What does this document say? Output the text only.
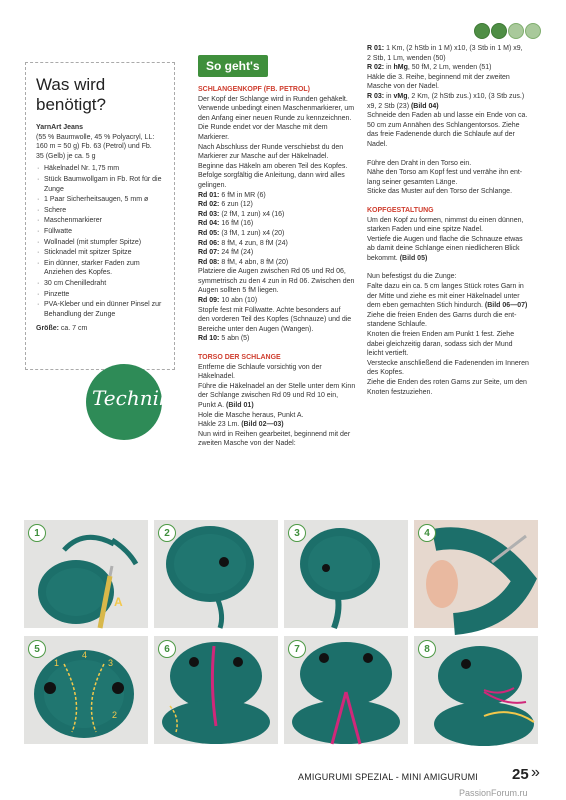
Was wird
benötigt?
YarnArt Jeans
(55 % Baumwolle, 45 % Polyacryl, LL:
160 m = 50 g) Fb. 63 (Petrol) und Fb.
35 (Gelb) je ca. 5 g
· Häkelnadel Nr. 1,75 mm
· Stück Baumwollgarn in Fb. Rot für die Zunge
· 1 Paar Sicherheitsaugen, 5 mm ø
· Schere
· Maschenmarkierer
· Füllwatte
· Wollnadel (mit stumpfer Spitze)
· Sticknadel mit spitzer Spitze
· Ein dünner, starker Faden zum Anziehen des Kopfes.
· 30 cm Chenilledraht
· Pinzette
· PVA-Kleber und ein dünner Pinsel zur Behandlung der Zunge
Größe: ca. 7 cm
Technik
So geht's
SCHLANGENKOPF (FB. PETROL)
Der Kopf der Schlange wird in Runden gehäkelt.
Verwende unbedingt einen Maschenmarkierer, um
den Anfang einer neuen Runde zu kennzeichnen.
Die Runde endet vor der Masche mit dem Markierer.
Nach Abschluss der Runde verschiebst du den
Markierer zur Masche auf der Häkelnadel.
Beginne das Häkeln am oberen Teil des Kopfes.
Befolge sorgfältig die Anleitung, dann wird alles
gelingen.
Rd 01: 6 fM in MR (6)
Rd 02: 6 zun (12)
Rd 03: (2 fM, 1 zun) x4 (16)
Rd 04: 16 fM (16)
Rd 05: (3 fM, 1 zun) x4 (20)
Rd 06: 8 fM, 4 zun, 8 fM (24)
Rd 07: 24 fM (24)
Rd 08: 8 fM, 4 abn, 8 fM (20)
Platziere die Augen zwischen Rd 05 und Rd 06,
symmetrisch zu den 4 zun in Rd 06. Zwischen den
Augen sollten 5 fM liegen.
Rd 09: 10 abn (10)
Stopfe fest mit Füllwatte. Achte besonders auf
den vorderen Teil des Kopfes (Schnauze) und die
Bereiche unter den Augen (Wangen).
Rd 10: 5 abn (5)
TORSO DER SCHLANGE
Entferne die Schlaufe vorsichtig von der Häkelnadel.
Führe die Häkelnadel an der Stelle unter dem Kinn
der Schlange zwischen Rd 09 und Rd 10 ein,
Punkt A. (Bild 01)
Hole die Masche heraus, Punkt A.
Häkle 23 Lm. (Bild 02—03)
Nun wird in Reihen gearbeitet, beginnend mit der
zweiten Masche von der Nadel:
R 01: 1 Km, (2 hStb in 1 M) x10, (3 Stb in 1 M) x9,
2 Stb, 1 Lm, wenden (50)
R 02: in hMg, 50 fM, 2 Lm, wenden (51)
Häkle die 3. Reihe, beginnend mit der zweiten
Masche von der Nadel.
R 03: in vMg, 2 Km, (2 hStb zus.) x10, (3 Stb zus.)
x9, 2 Stb (23) (Bild 04)
Schneide den Faden ab und lasse ein Ende von ca.
50 cm zum Annähen des Schlangentorsos. Ziehe
das freie Fadenende durch die Schlaufe auf der
Nadel.
Führe den Draht in den Torso ein.
Nähe den Torso am Kopf fest und verrähe ihn ent-
lang seiner gesamten Länge.
Sticke das Muster auf den Torso der Schlange.
KOPFGESTALTUNG
Um den Kopf zu formen, nimmst du einen dünnen,
starken Faden und eine spitze Nadel.
Vertiefe die Augen und flache die Schnauze etwas
ab damit deine Schlange einen niedlicheren Blick
bekommt. (Bild 05)
Nun befestigst du die Zunge:
Falte dazu ein ca. 5 cm langes Stück rotes Garn in
der Mitte und ziehe es mit einer Häkelnadel unter
dem eben gemachten Stich hindurch. (Bild 06—07)
Ziehe die freien Enden des Garns durch die ent-
standene Schlaufe.
Knoten die freien Enden am Punkt 1 fest. Ziehe
dabei gleichzeitig daran, sodass sich der Mund
leicht vertieft.
Verstecke anschließend die Fadenenden im Inneren
des Kopfes.
Ziehe die Enden des roten Garns zur Seite, um den
Knoten festzuziehen.
A
1	2	3	4
1
2
3
4
5	6	7	8
AMIGURUMI SPEZIAL - MINI AMIGURUMI 25 »
PassionForum.ru
